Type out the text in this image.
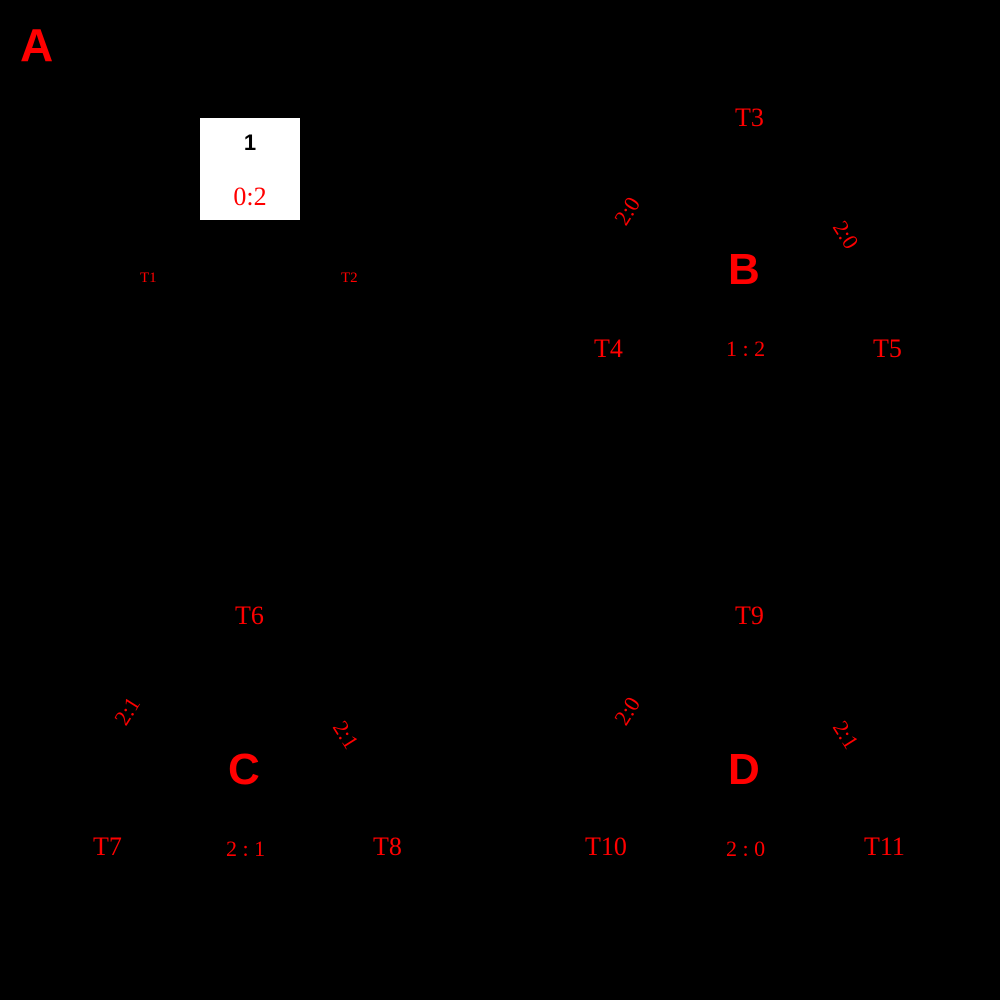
A
1
0:2
T1	T2
T3
2:0
2:0
B
T4	1 : 2	T5
T6
2:1
2:1
C
T7	2 : 1	T8
T9
2:0
2:1
D
T10	2 : 0	T11
